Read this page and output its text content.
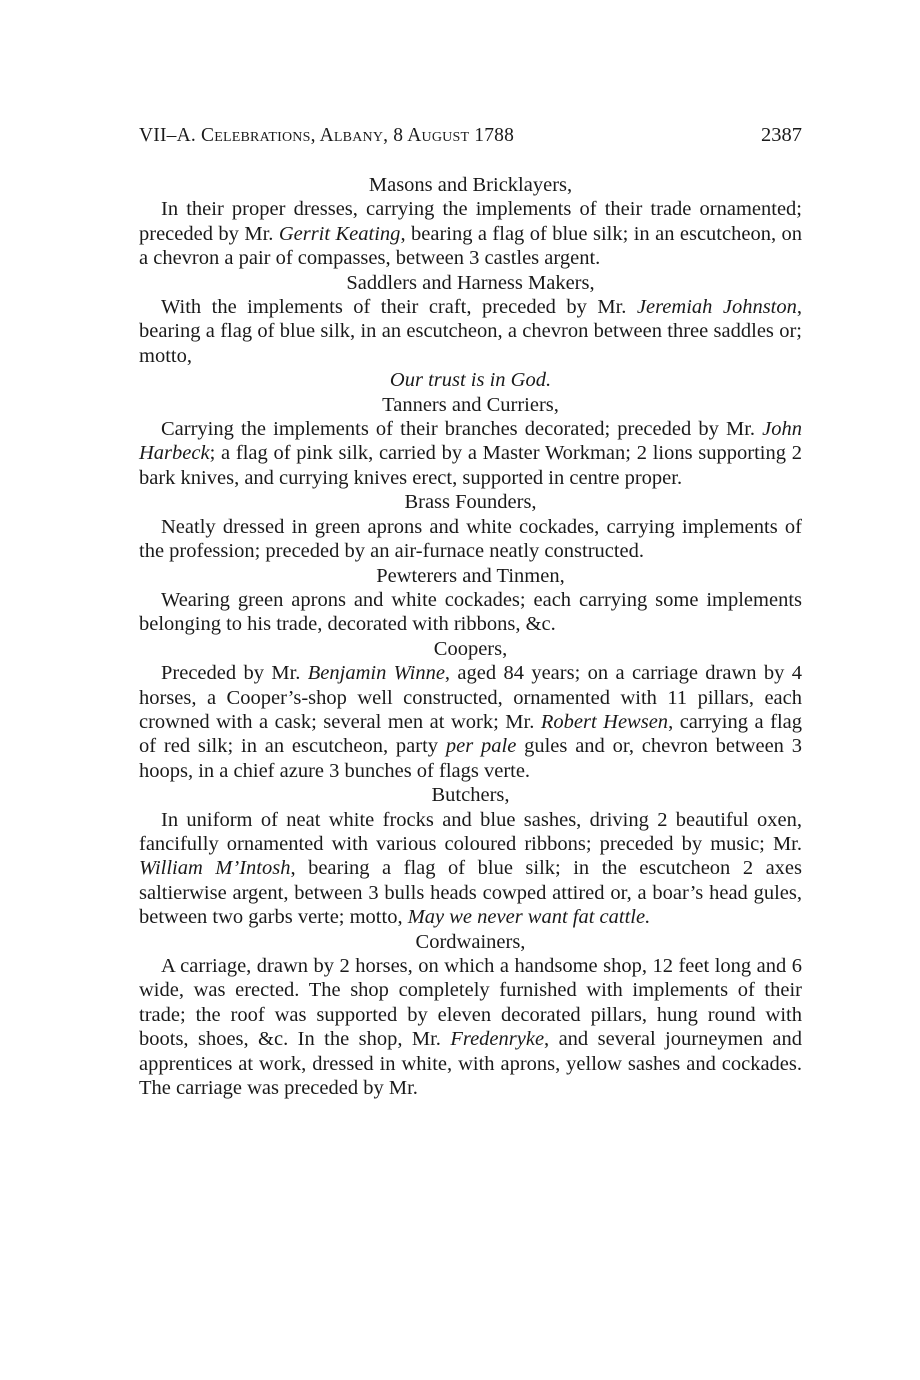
VII–A. Celebrations, Albany, 8 August 1788	2387
Masons and Bricklayers,

In their proper dresses, carrying the implements of their trade ornamented; preceded by Mr. Gerrit Keating, bearing a flag of blue silk; in an escutcheon, on a chevron a pair of compasses, between 3 castles argent.

Saddlers and Harness Makers,

With the implements of their craft, preceded by Mr. Jeremiah Johnston, bearing a flag of blue silk, in an escutcheon, a chevron between three saddles or; motto,

Our trust is in God.
Tanners and Curriers,

Carrying the implements of their branches decorated; preceded by Mr. John Harbeck; a flag of pink silk, carried by a Master Workman; 2 lions supporting 2 bark knives, and currying knives erect, supported in centre proper.

Brass Founders,

Neatly dressed in green aprons and white cockades, carrying implements of the profession; preceded by an air-furnace neatly constructed.

Pewterers and Tinmen,

Wearing green aprons and white cockades; each carrying some implements belonging to his trade, decorated with ribbons, &c.

Coopers,

Preceded by Mr. Benjamin Winne, aged 84 years; on a carriage drawn by 4 horses, a Cooper’s-shop well constructed, ornamented with 11 pillars, each crowned with a cask; several men at work; Mr. Robert Hewsen, carrying a flag of red silk; in an escutcheon, party per pale gules and or, chevron between 3 hoops, in a chief azure 3 bunches of flags verte.

Butchers,

In uniform of neat white frocks and blue sashes, driving 2 beautiful oxen, fancifully ornamented with various coloured ribbons; preceded by music; Mr. William M’Intosh, bearing a flag of blue silk; in the escutcheon 2 axes saltierwise argent, between 3 bulls heads cowped attired or, a boar’s head gules, between two garbs verte; motto, May we never want fat cattle.

Cordwainers,

A carriage, drawn by 2 horses, on which a handsome shop, 12 feet long and 6 wide, was erected. The shop completely furnished with implements of their trade; the roof was supported by eleven decorated pillars, hung round with boots, shoes, &c. In the shop, Mr. Fredenryke, and several journeymen and apprentices at work, dressed in white, with aprons, yellow sashes and cockades. The carriage was preceded by Mr.
